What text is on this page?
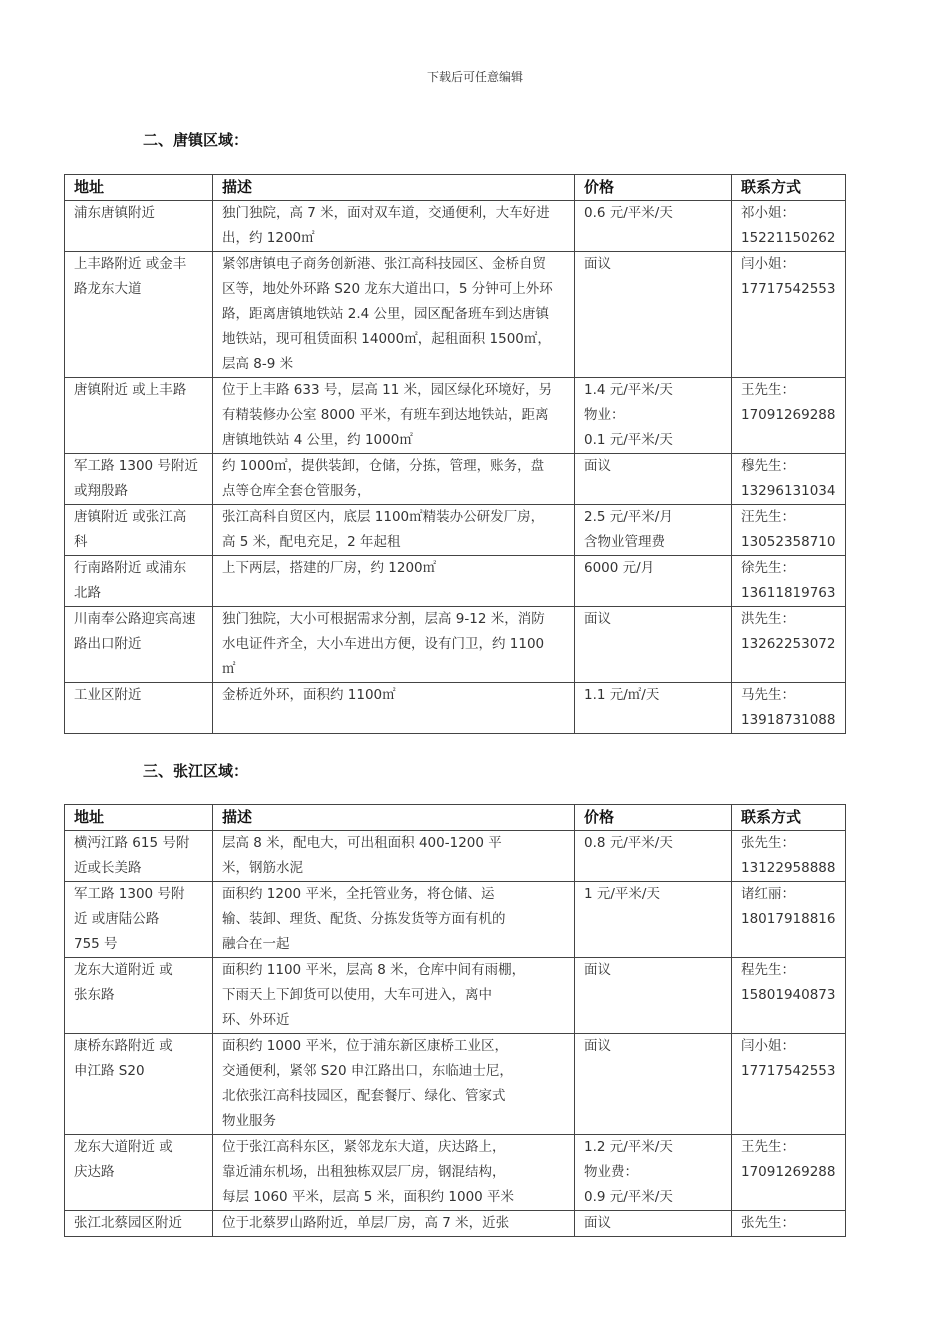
下载后可任意编辑
二、唐镇区域：
地址	描述	价格	联系方式

浦东唐镇附近	独门独院，高 7 米，面对双车道，交通便利，大车好进
出，约 1200㎡	0.6 元/平米/天	祁小姐：
15221150262

上丰路附近 或金丰
路龙东大道	紧邻唐镇电子商务创新港、张江高科技园区、金桥自贸
区等，地处外环路 S20 龙东大道出口，5 分钟可上外环
路，距离唐镇地铁站 2.4 公里，园区配备班车到达唐镇
地铁站，现可租赁面积 14000㎡，起租面积 1500㎡，
层高 8-9 米	面议	闫小姐：
17717542553

唐镇附近 或上丰路	位于上丰路 633 号，层高 11 米，园区绿化环境好，另
有精装修办公室 8000 平米，有班车到达地铁站，距离
唐镇地铁站 4 公里，约 1000㎡	1.4 元/平米/天
物业：
0.1 元/平米/天	王先生：
17091269288

军工路 1300 号附近
或翔殷路	约 1000㎡，提供装卸，仓储，分拣，管理，账务，盘
点等仓库全套仓管服务，	面议	穆先生：
13296131034

唐镇附近 或张江高
科	张江高科自贸区内，底层 1100㎡精装办公研发厂房，
高 5 米，配电充足，2 年起租	2.5 元/平米/月
含物业管理费	汪先生：
13052358710

行南路附近 或浦东
北路	上下两层，搭建的厂房，约 1200㎡	6000 元/月	徐先生：
13611819763

川南奉公路迎宾高速
路出口附近	独门独院，大小可根据需求分割，层高 9-12 米，消防
水电证件齐全，大小车进出方便，设有门卫，约 1100
㎡	面议	洪先生：
13262253072

工业区附近	金桥近外环，面积约 1100㎡	1.1 元/㎡/天	马先生：
13918731088
三、张江区域：
地址	描述	价格	联系方式

横沔江路 615 号附
近或长美路	层高 8 米，配电大，可出租面积 400-1200 平
米，钢筋水泥	0.8 元/平米/天	张先生：
13122958888

军工路 1300 号附
近 或唐陆公路
755 号	面积约 1200 平米，全托管业务，将仓储、运
输、装卸、理货、配货、分拣发货等方面有机的
融合在一起	1 元/平米/天	诸红丽：
18017918816

龙东大道附近 或
张东路	面积约 1100 平米，层高 8 米，仓库中间有雨棚，
下雨天上下卸货可以使用，大车可进入，离中
环、外环近	面议	程先生：
15801940873

康桥东路附近 或
申江路 S20	面积约 1000 平米，位于浦东新区康桥工业区，
交通便利，紧邻 S20 申江路出口，东临迪士尼，
北依张江高科技园区，配套餐厅、绿化、管家式
物业服务	面议	闫小姐：
17717542553

龙东大道附近 或
庆达路	位于张江高科东区，紧邻龙东大道，庆达路上，
靠近浦东机场，出租独栋双层厂房，钢混结构，
每层 1060 平米，层高 5 米，面积约 1000 平米	1.2 元/平米/天
物业费：
0.9 元/平米/天	王先生：
17091269288

张江北蔡园区附近	位于北蔡罗山路附近，单层厂房，高 7 米，近张	面议	张先生：
